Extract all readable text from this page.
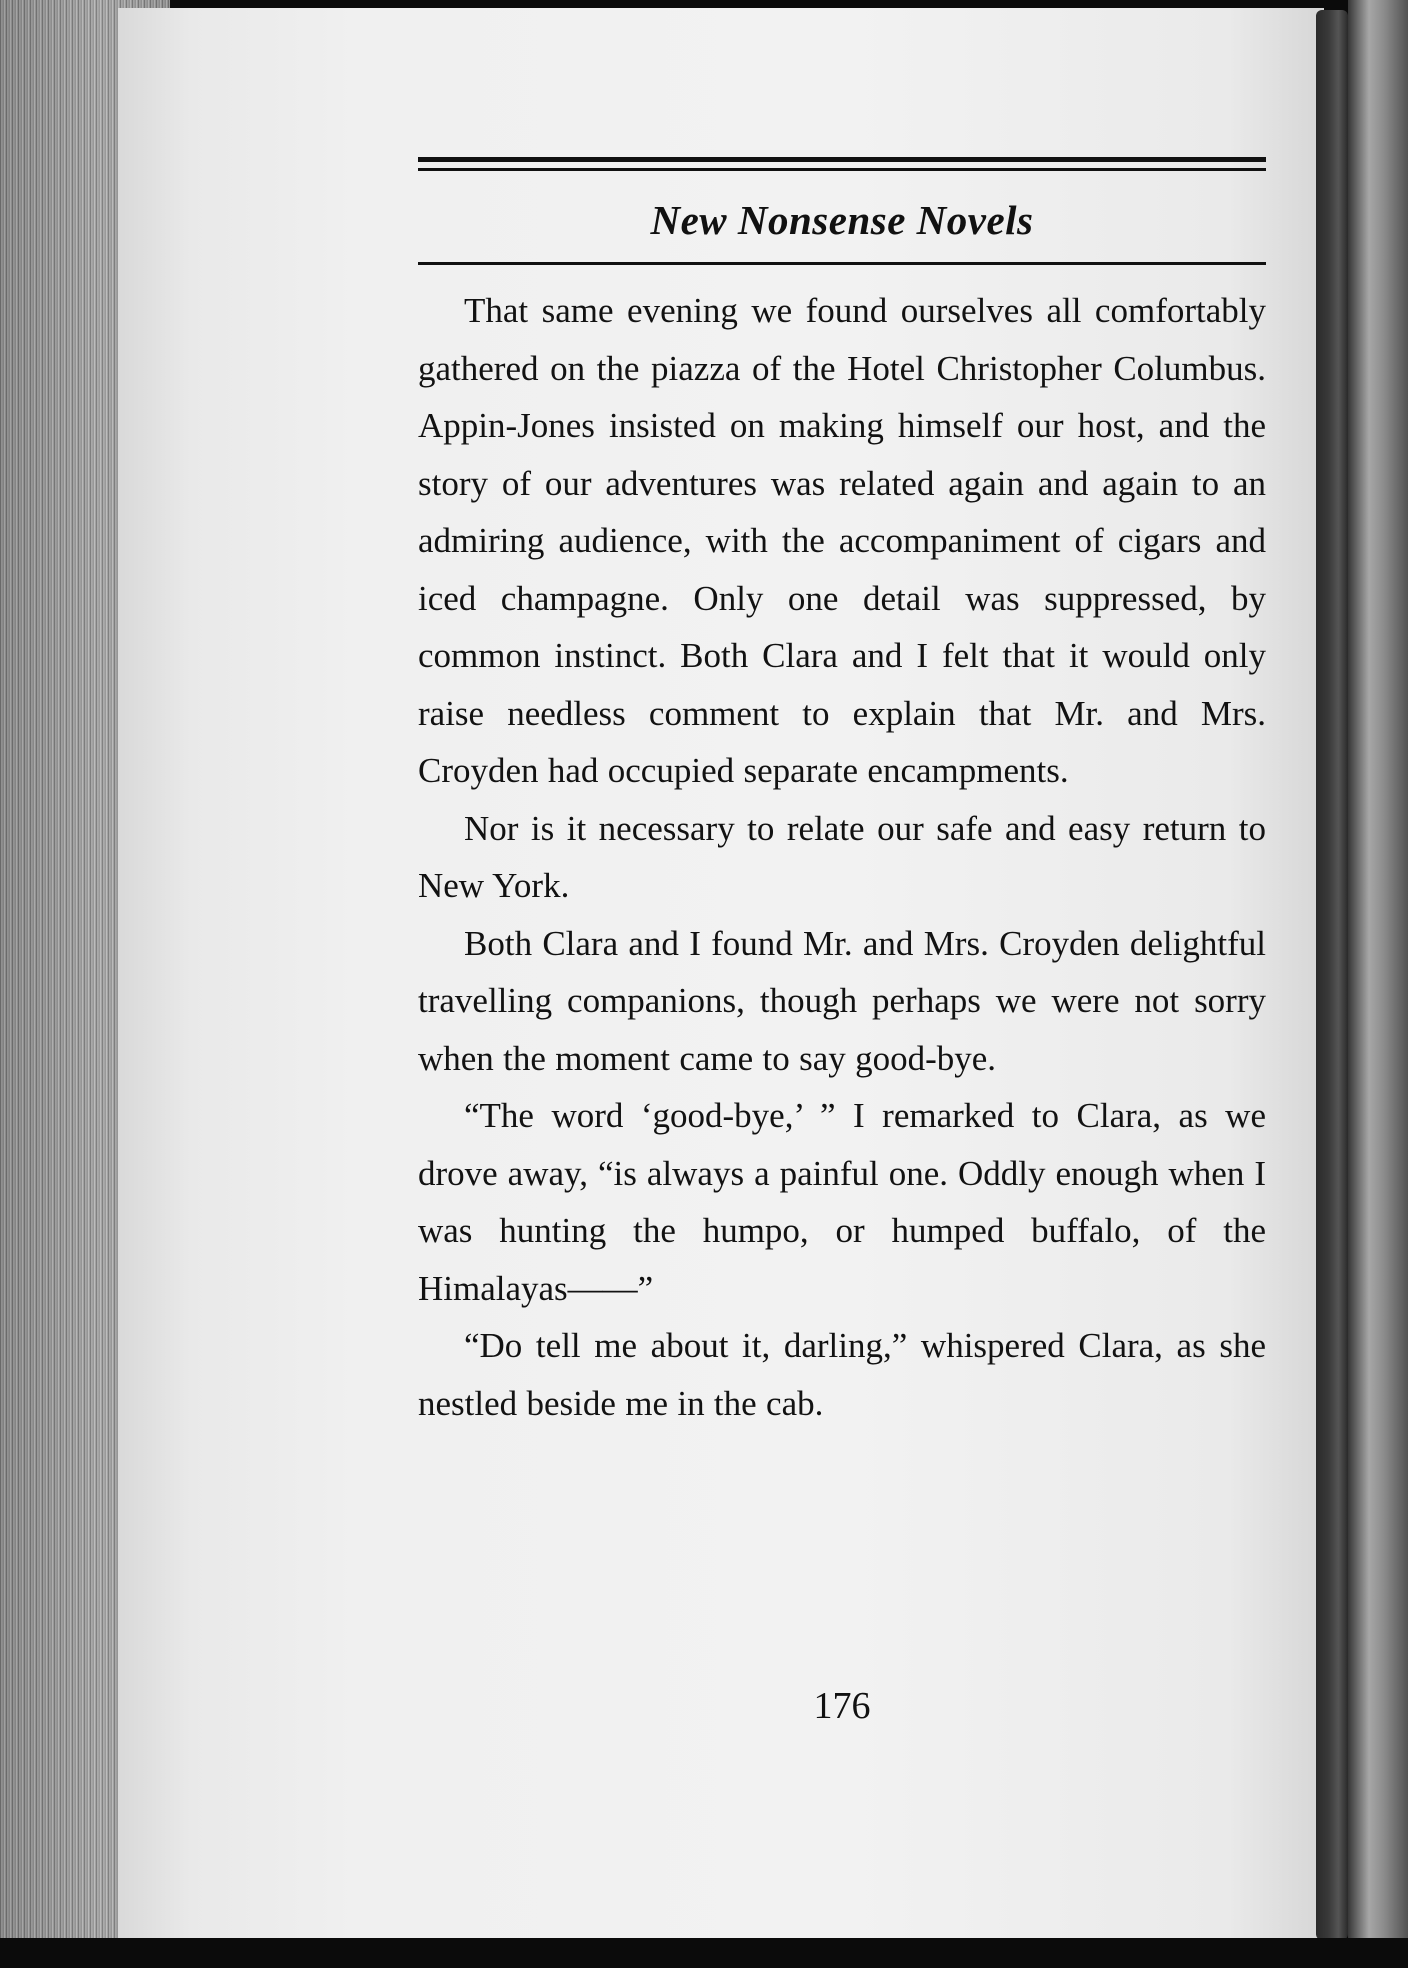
New Nonsense Novels

That same evening we found ourselves all comfortably gathered on the piazza of the Hotel Christopher Columbus. Appin-Jones insisted on making himself our host, and the story of our adventures was related again and again to an admiring audience, with the accompaniment of cigars and iced champagne. Only one detail was suppressed, by common instinct. Both Clara and I felt that it would only raise needless comment to explain that Mr. and Mrs. Croyden had occupied separate encampments.

Nor is it necessary to relate our safe and easy return to New York.

Both Clara and I found Mr. and Mrs. Croyden delightful travelling companions, though perhaps we were not sorry when the moment came to say good-bye.

“The word ‘good-bye,’ ” I remarked to Clara, as we drove away, “is always a painful one. Oddly enough when I was hunting the humpo, or humped buffalo, of the Himalayas——”

“Do tell me about it, darling,” whispered Clara, as she nestled beside me in the cab.

176
